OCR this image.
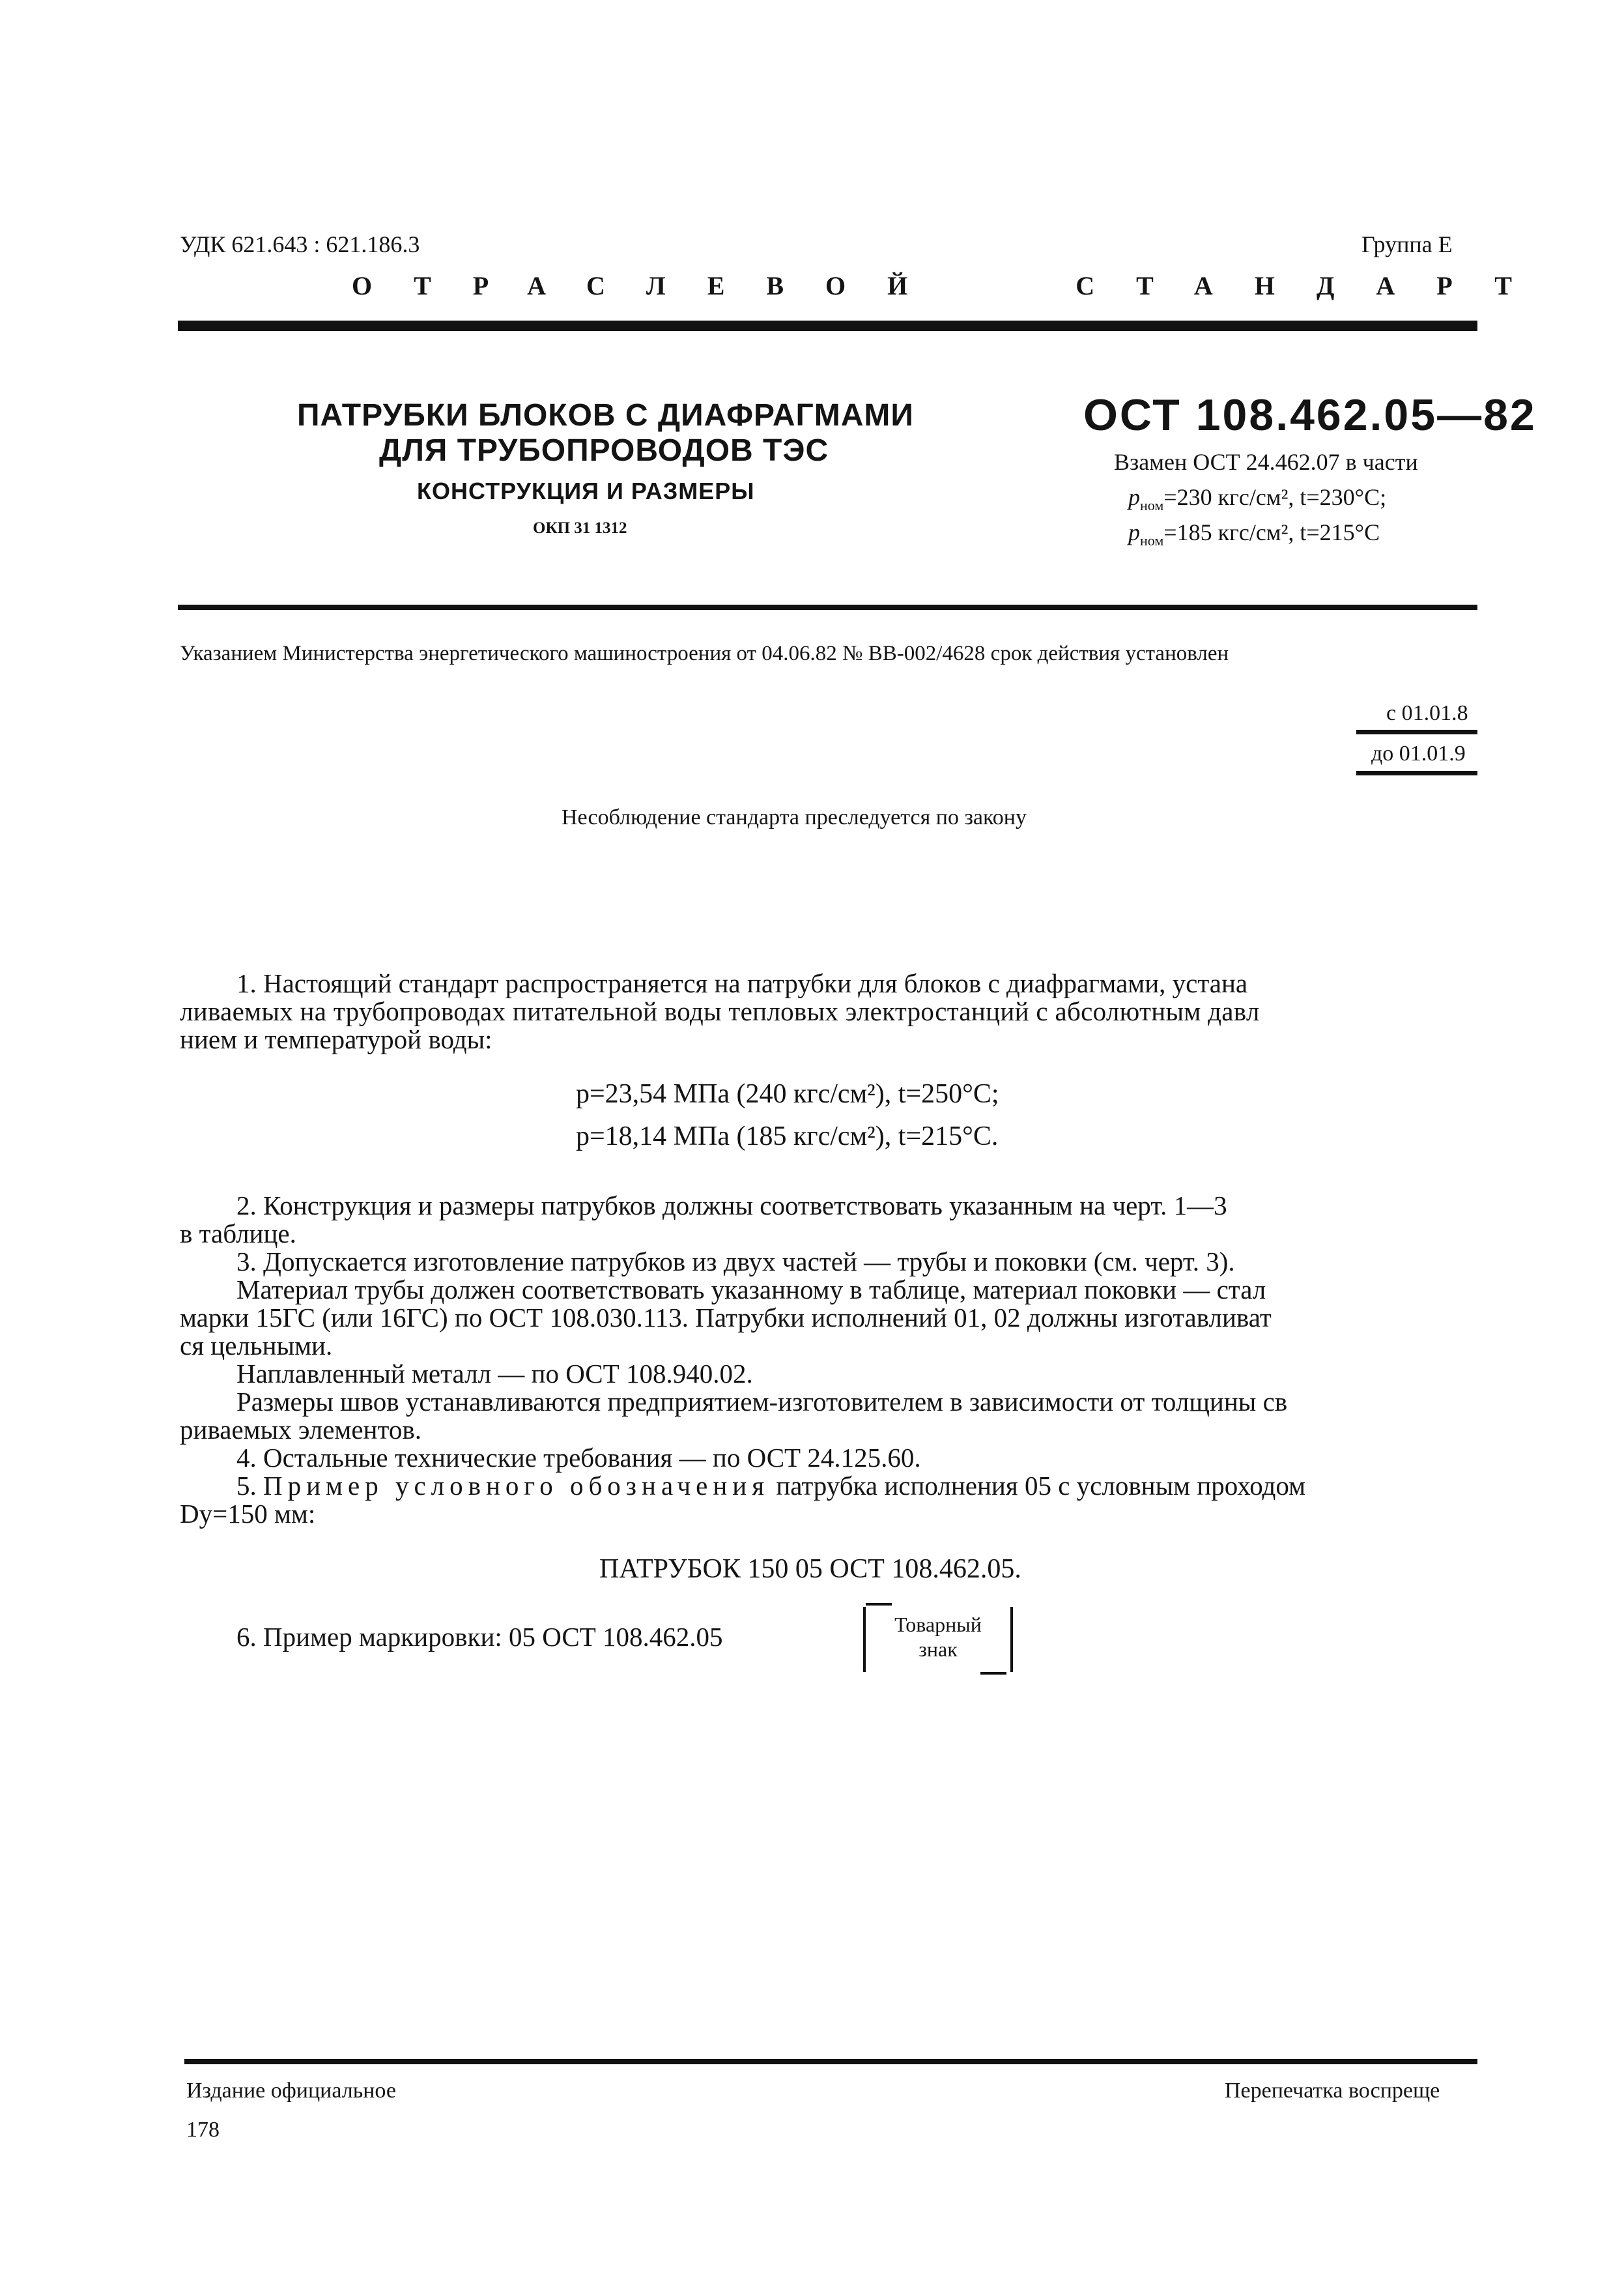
УДК 621.643 : 621.186.3	Группа Е
ОТРАСЛЕВОЙ СТАНДАРТ
ПАТРУБКИ БЛОКОВ С ДИАФРАГМАМИ
ДЛЯ ТРУБОПРОВОДОВ ТЭС
КОНСТРУКЦИЯ И РАЗМЕРЫ
ОКП 31 1312
ОСТ 108.462.05—82
Взамен ОСТ 24.462.07 в части
$p_{ном}=230$ кгс/см², t=230°С;
$p_{ном}=185$ кгс/см², t=215°С
Указанием Министерства энергетического машиностроения от 04.06.82 № ВВ-002/4628 срок действия установлен
с 01.01.8
до 01.01.9
Несоблюдение стандарта преследуется по закону
1. Настоящий стандарт распространяется на патрубки для блоков с диафрагмами, устана
ливаемых на трубопроводах питательной воды тепловых электростанций с абсолютным давл
нием и температурой воды:
p=23,54 МПа (240 кгс/см²), t=250°С;
p=18,14 МПа (185 кгс/см²), t=215°С.
2. Конструкция и размеры патрубков должны соответствовать указанным на черт. 1—3
в таблице.
3. Допускается изготовление патрубков из двух частей — трубы и поковки (см. черт. 3).
Материал трубы должен соответствовать указанному в таблице, материал поковки — стал
марки 15ГС (или 16ГС) по ОСТ 108.030.113. Патрубки исполнений 01, 02 должны изготавливат
ся цельными.
Наплавленный металл — по ОСТ 108.940.02.
Размеры швов устанавливаются предприятием-изготовителем в зависимости от толщины св
риваемых элементов.
4. Остальные технические требования — по ОСТ 24.125.60.
5. Пример условного обозначения патрубка исполнения 05 с условным проходом
Dу=150 мм:
ПАТРУБОК 150 05 ОСТ 108.462.05.
6. Пример маркировки: 05 ОСТ 108.462.05	Товарный
знак
Издание официальное	Перепечатка воспреще
178
